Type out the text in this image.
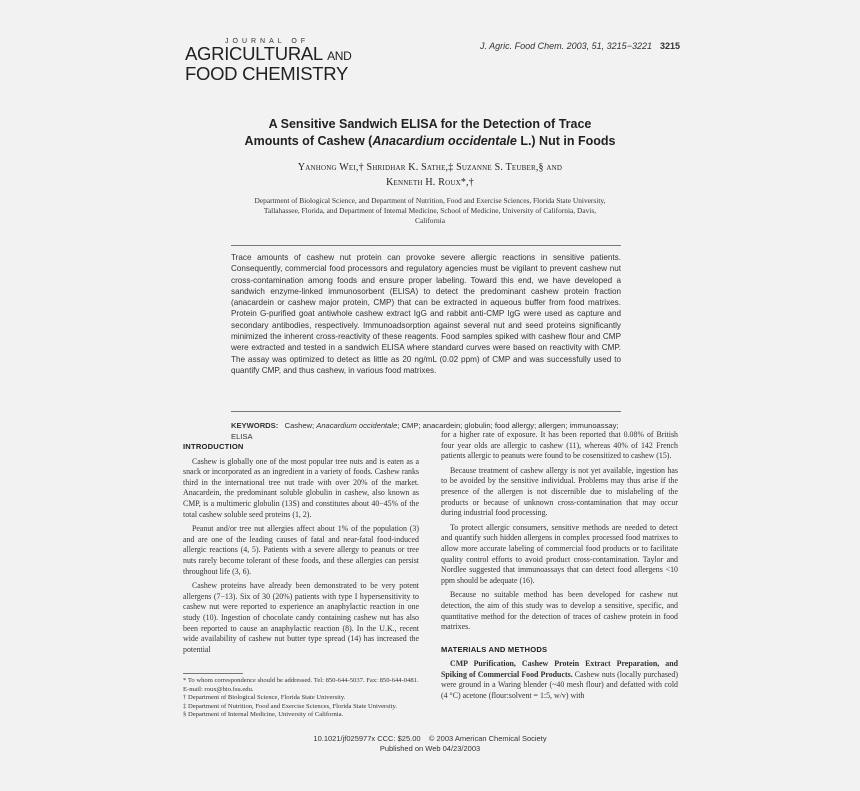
JOURNAL OF
AGRICULTURAL AND
FOOD CHEMISTRY
J. Agric. Food Chem. 2003, 51, 3215−3221 3215
A Sensitive Sandwich ELISA for the Detection of Trace
Amounts of Cashew (Anacardium occidentale L.) Nut in Foods
Yanhong Wei,† Shridhar K. Sathe,‡ Suzanne S. Teuber,§ and
Kenneth H. Roux*,†
Department of Biological Science, and Department of Nutrition, Food and Exercise Sciences, Florida State University, Tallahassee, Florida, and Department of Internal Medicine, School of Medicine, University of California, Davis, California
Trace amounts of cashew nut protein can provoke severe allergic reactions in sensitive patients. Consequently, commercial food processors and regulatory agencies must be vigilant to prevent cashew nut cross-contamination among foods and ensure proper labeling. Toward this end, we have developed a sandwich enzyme-linked immunosorbent (ELISA) to detect the predominant cashew protein fraction (anacardein or cashew major protein, CMP) that can be extracted in aqueous buffer from food matrixes. Protein G-purified goat antiwhole cashew extract IgG and rabbit anti-CMP IgG were used as capture and secondary antibodies, respectively. Immunoadsorption against several nut and seed proteins significantly minimized the inherent cross-reactivity of these reagents. Food samples spiked with cashew flour and CMP were extracted and tested in a sandwich ELISA where standard curves were based on reactivity with CMP. The assay was optimized to detect as little as 20 ng/mL (0.02 ppm) of CMP and was successfully used to quantify CMP, and thus cashew, in various food matrixes.
KEYWORDS: Cashew; Anacardium occidentale; CMP; anacardein; globulin; food allergy; allergen; immunoassay; ELISA

INTRODUCTION

Cashew is globally one of the most popular tree nuts and is eaten as a snack or incorporated as an ingredient in a variety of foods. Cashew ranks third in the international tree nut trade with over 20% of the market. Anacardein, the predominant soluble globulin in cashew, also known as CMP, is a multimeric globulin (13S) and constitutes about 40−45% of the total cashew soluble seed proteins (1, 2).

Peanut and/or tree nut allergies affect about 1% of the population (3) and are one of the leading causes of fatal and near-fatal food-induced allergic reactions (4, 5). Patients with a severe allergy to peanuts or tree nuts rarely become tolerant of these foods, and these allergies can persist throughout life (3, 6).

Cashew proteins have already been demonstrated to be very potent allergens (7−13). Six of 30 (20%) patients with type I hypersensitivity to cashew nut were reported to experience an anaphylactic reaction in one study (10). Ingestion of chocolate candy containing cashew nut has also been reported to cause an anaphylactic reaction (8). In the U.K., recent wide availability of cashew nut butter type spread (14) has increased the potential

for a higher rate of exposure. It has been reported that 0.08% of British four year olds are allergic to cashew (11), whereas 40% of 142 French patients allergic to peanuts were found to be cosensitized to cashew (15).

Because treatment of cashew allergy is not yet available, ingestion has to be avoided by the sensitive individual. Problems may thus arise if the presence of the allergen is not discernible due to mislabeling of the products or because of unknown cross-contamination that may occur during industrial food processing.

To protect allergic consumers, sensitive methods are needed to detect and quantify such hidden allergens in complex processed food matrixes to allow more accurate labeling of commercial food products or to facilitate quality control efforts to avoid product cross-contamination. Taylor and Nordlee suggested that immunoassays that can detect food allergens <10 ppm should be adequate (16).

Because no suitable method has been developed for cashew nut detection, the aim of this study was to develop a sensitive, specific, and quantitative method for the detection of traces of cashew protein in food matrixes.

MATERIALS AND METHODS

CMP Purification, Cashew Protein Extract Preparation, and Spiking of Commercial Food Products. Cashew nuts (locally purchased) were ground in a Waring blender (~40 mesh flour) and defatted with cold (4 °C) acetone (flour:solvent = 1:5, w/v) with

* To whom correspondence should be addressed. Tel: 850-644-5037. Fax: 850-644-0481. E-mail: roux@bio.fsu.edu.
† Department of Biological Science, Florida State University.
‡ Department of Nutrition, Food and Exercise Sciences, Florida State University.
§ Department of Internal Medicine, University of California.
10.1021/jf025977x CCC: $25.00    © 2003 American Chemical Society
Published on Web 04/23/2003
